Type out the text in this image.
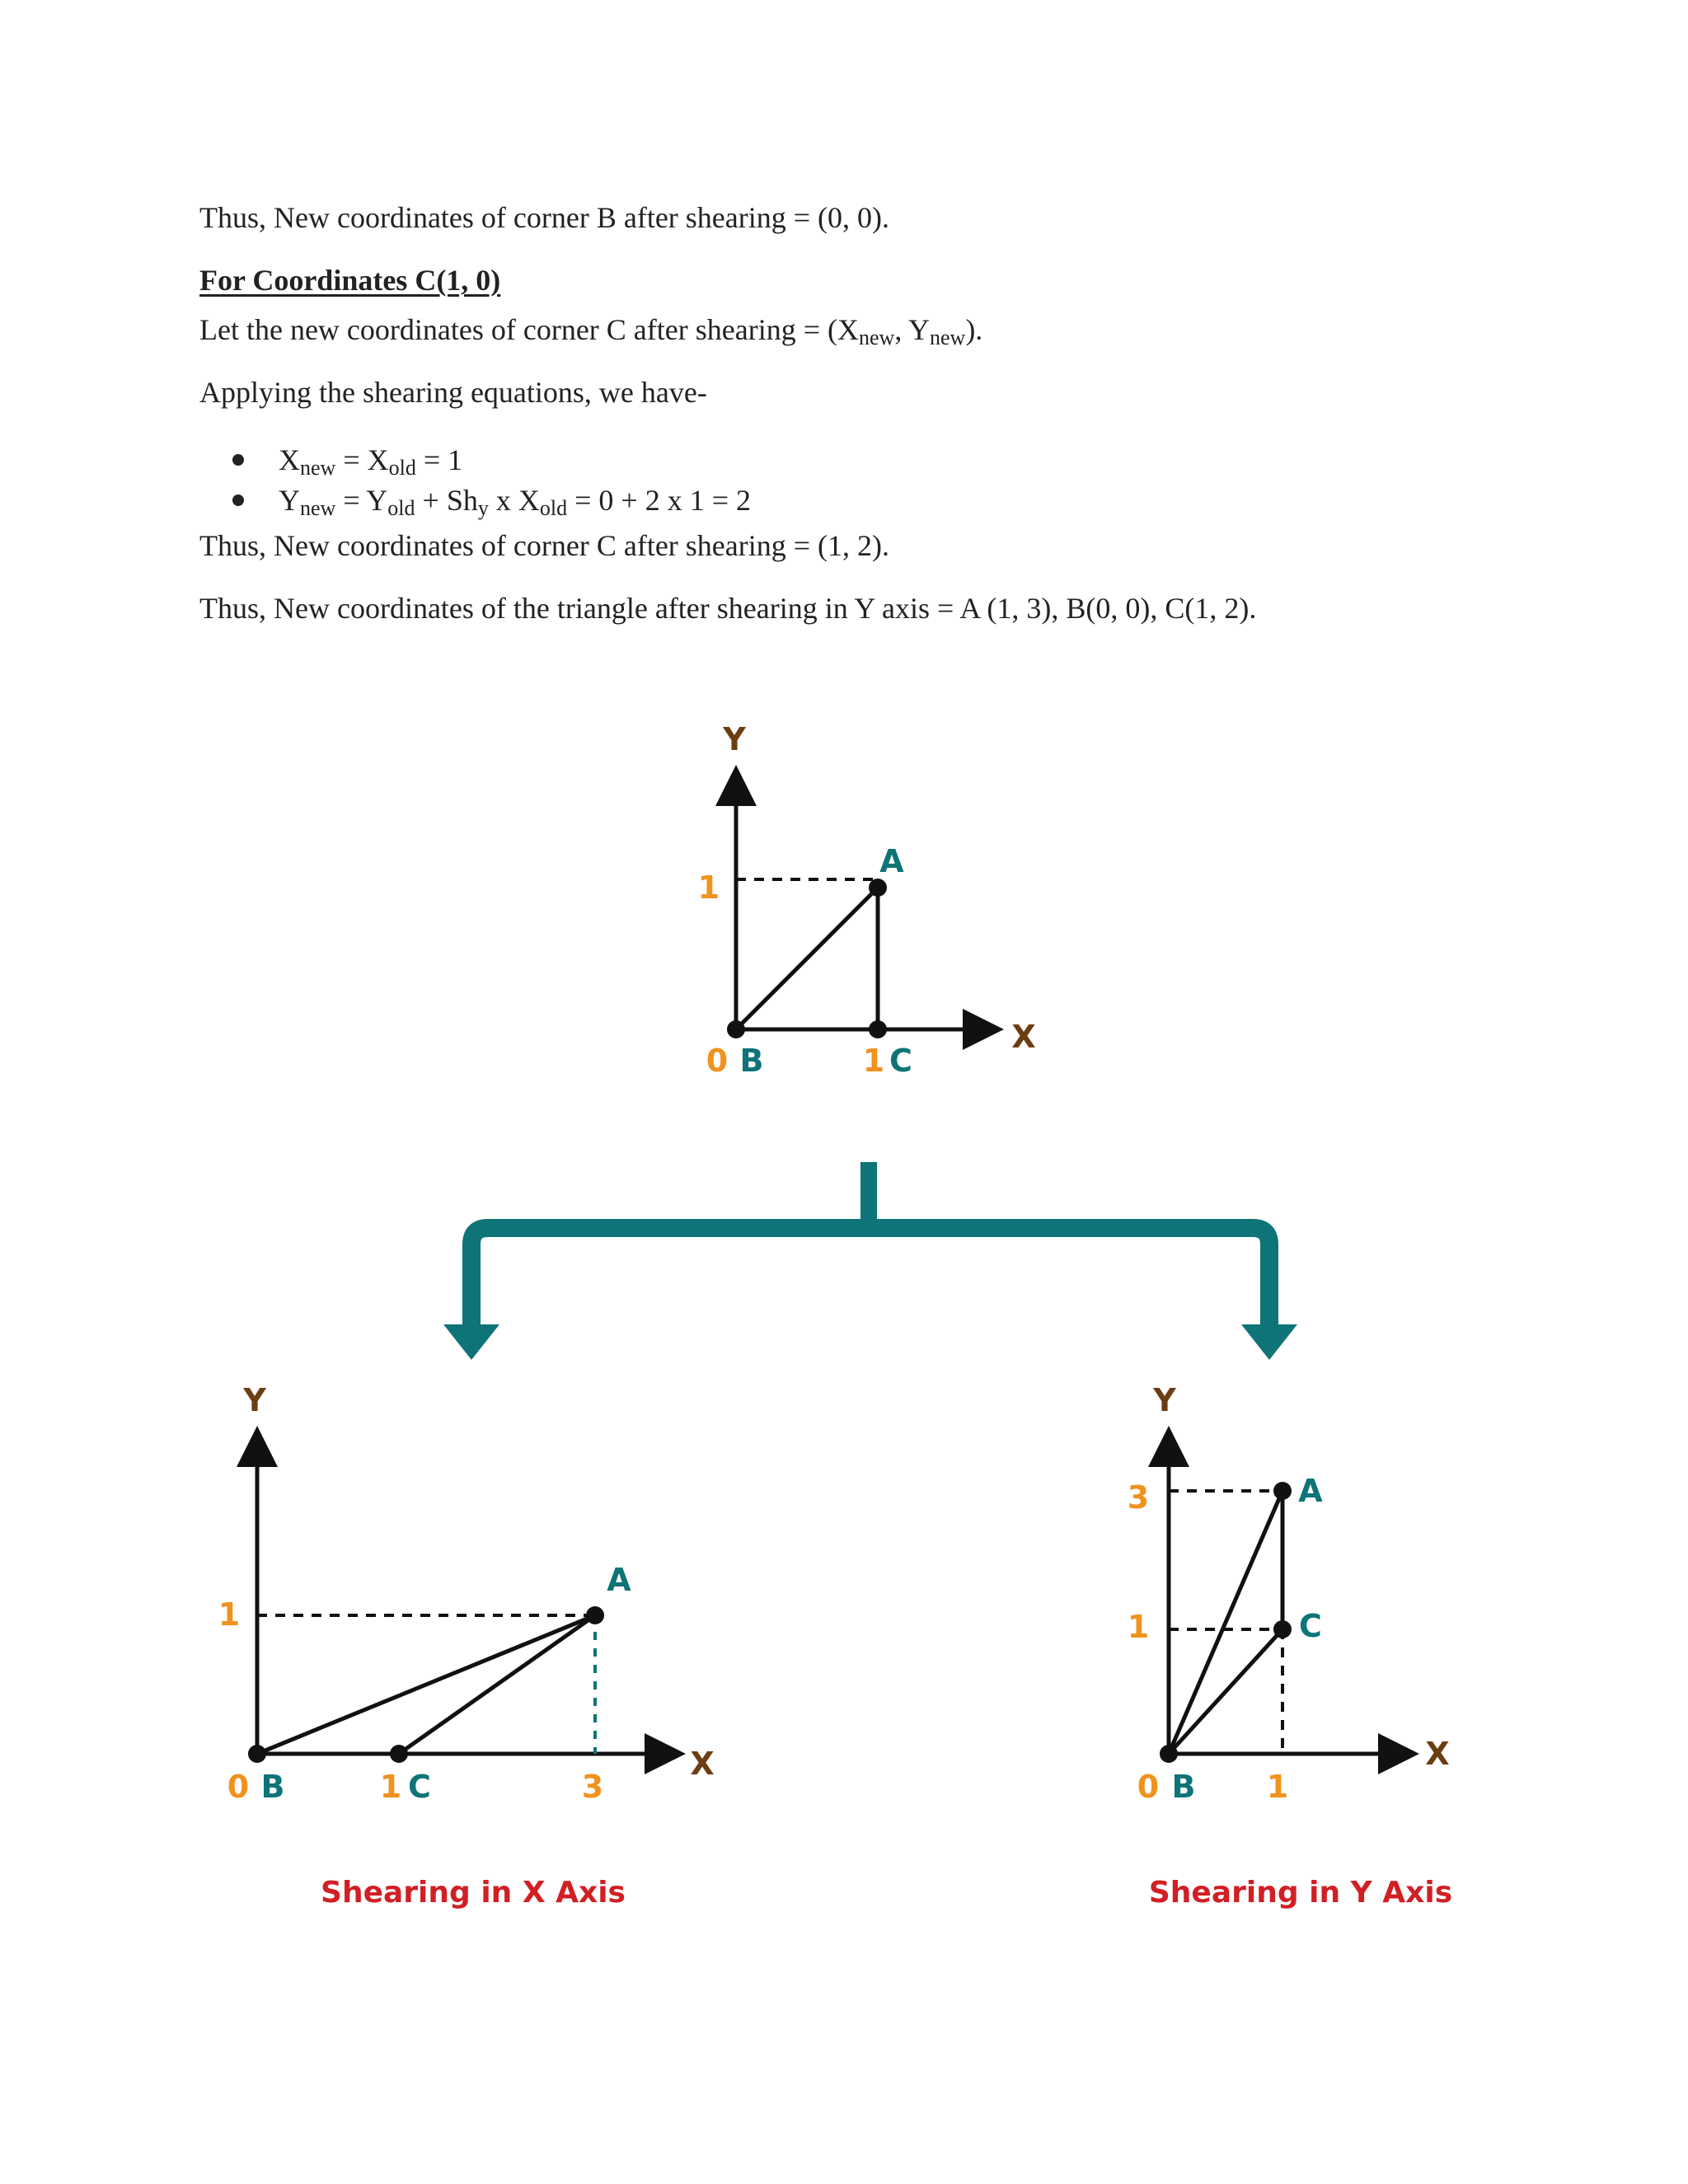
Thus, New coordinates of corner B after shearing = (0, 0).

For Coordinates C(1, 0)

Let the new coordinates of corner C after shearing = ($X_{new}$, $Y_{new}$).

Applying the shearing equations, we have-

$X_{new} = X_{old} = 1$

$Y_{new} = Y_{old} + Sh_y$ x $X_{old} = 0 + 2$ x 1 = 2

Thus, New coordinates of corner C after shearing = (1, 2).

Thus, New coordinates of the triangle after shearing in Y axis = A (1, 3), B(0, 0), C(1, 2).

Y
X
1
0 B	1 C
A
Y
X
1
0 B	1 C	3
A
Shearing in X Axis
Y
X
3
1
0 B 1
A
C
Shearing in Y Axis
